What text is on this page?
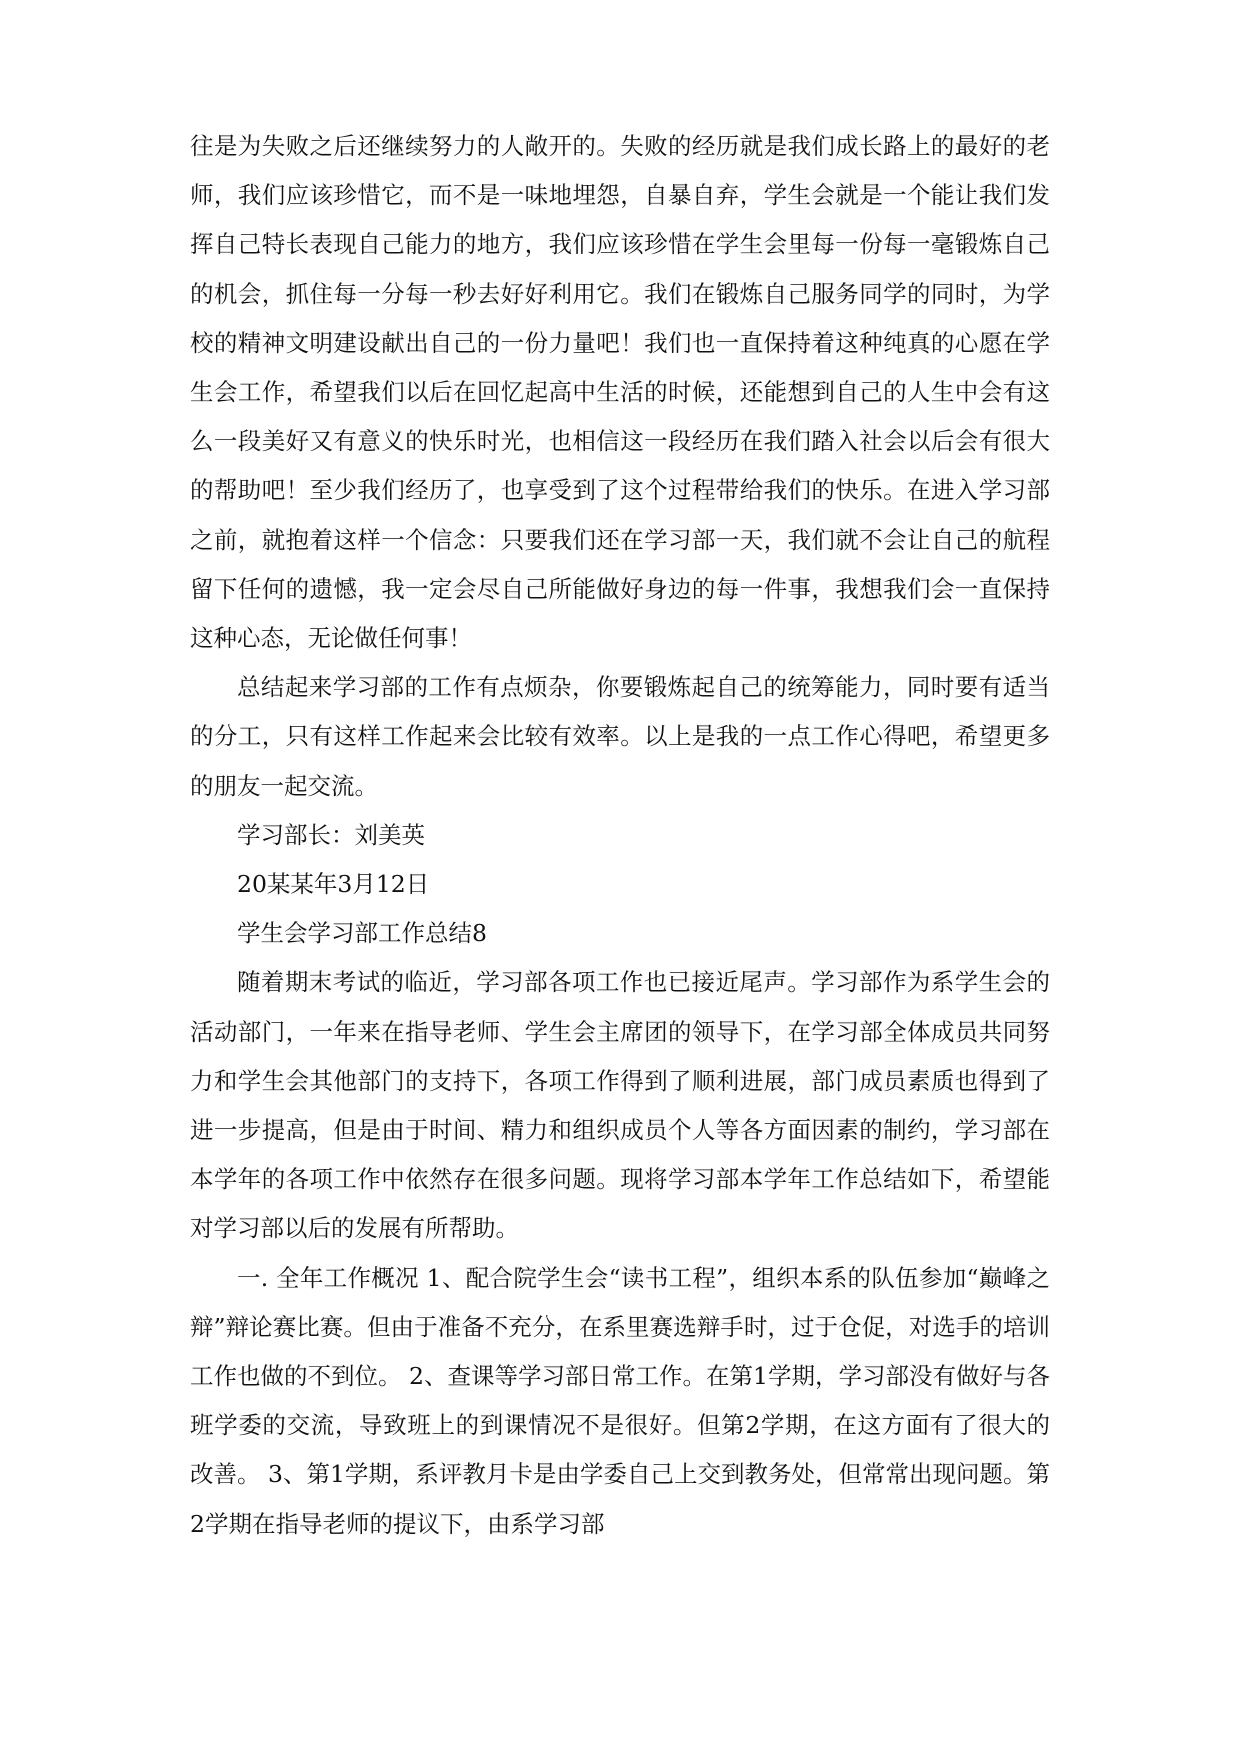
往是为失败之后还继续努力的人敞开的。失败的经历就是我们成长路上的最好的老师，我们应该珍惜它，而不是一味地埋怨，自暴自弃，学生会就是一个能让我们发挥自己特长表现自己能力的地方，我们应该珍惜在学生会里每一份每一毫锻炼自己的机会，抓住每一分每一秒去好好利用它。我们在锻炼自己服务同学的同时，为学校的精神文明建设献出自己的一份力量吧！我们也一直保持着这种纯真的心愿在学生会工作，希望我们以后在回忆起高中生活的时候，还能想到自己的人生中会有这么一段美好又有意义的快乐时光，也相信这一段经历在我们踏入社会以后会有很大的帮助吧！至少我们经历了，也享受到了这个过程带给我们的快乐。在进入学习部之前，就抱着这样一个信念：只要我们还在学习部一天，我们就不会让自己的航程留下任何的遗憾，我一定会尽自己所能做好身边的每一件事，我想我们会一直保持这种心态，无论做任何事！

总结起来学习部的工作有点烦杂，你要锻炼起自己的统筹能力，同时要有适当的分工，只有这样工作起来会比较有效率。以上是我的一点工作心得吧，希望更多的朋友一起交流。

学习部长：刘美英

20某某年3月12日

学生会学习部工作总结8

随着期末考试的临近，学习部各项工作也已接近尾声。学习部作为系学生会的活动部门，一年来在指导老师、学生会主席团的领导下，在学习部全体成员共同努力和学生会其他部门的支持下，各项工作得到了顺利进展，部门成员素质也得到了进一步提高，但是由于时间、精力和组织成员个人等各方面因素的制约，学习部在本学年的各项工作中依然存在很多问题。现将学习部本学年工作总结如下，希望能对学习部以后的发展有所帮助。

一. 全年工作概况 1、配合院学生会“读书工程”，组织本系的队伍参加“巅峰之辩”辩论赛比赛。但由于准备不充分，在系里赛选辩手时，过于仓促，对选手的培训工作也做的不到位。 2、查课等学习部日常工作。在第1学期，学习部没有做好与各班学委的交流，导致班上的到课情况不是很好。但第2学期，在这方面有了很大的改善。 3、第1学期，系评教月卡是由学委自己上交到教务处，但常常出现问题。第2学期在指导老师的提议下，由系学习部
